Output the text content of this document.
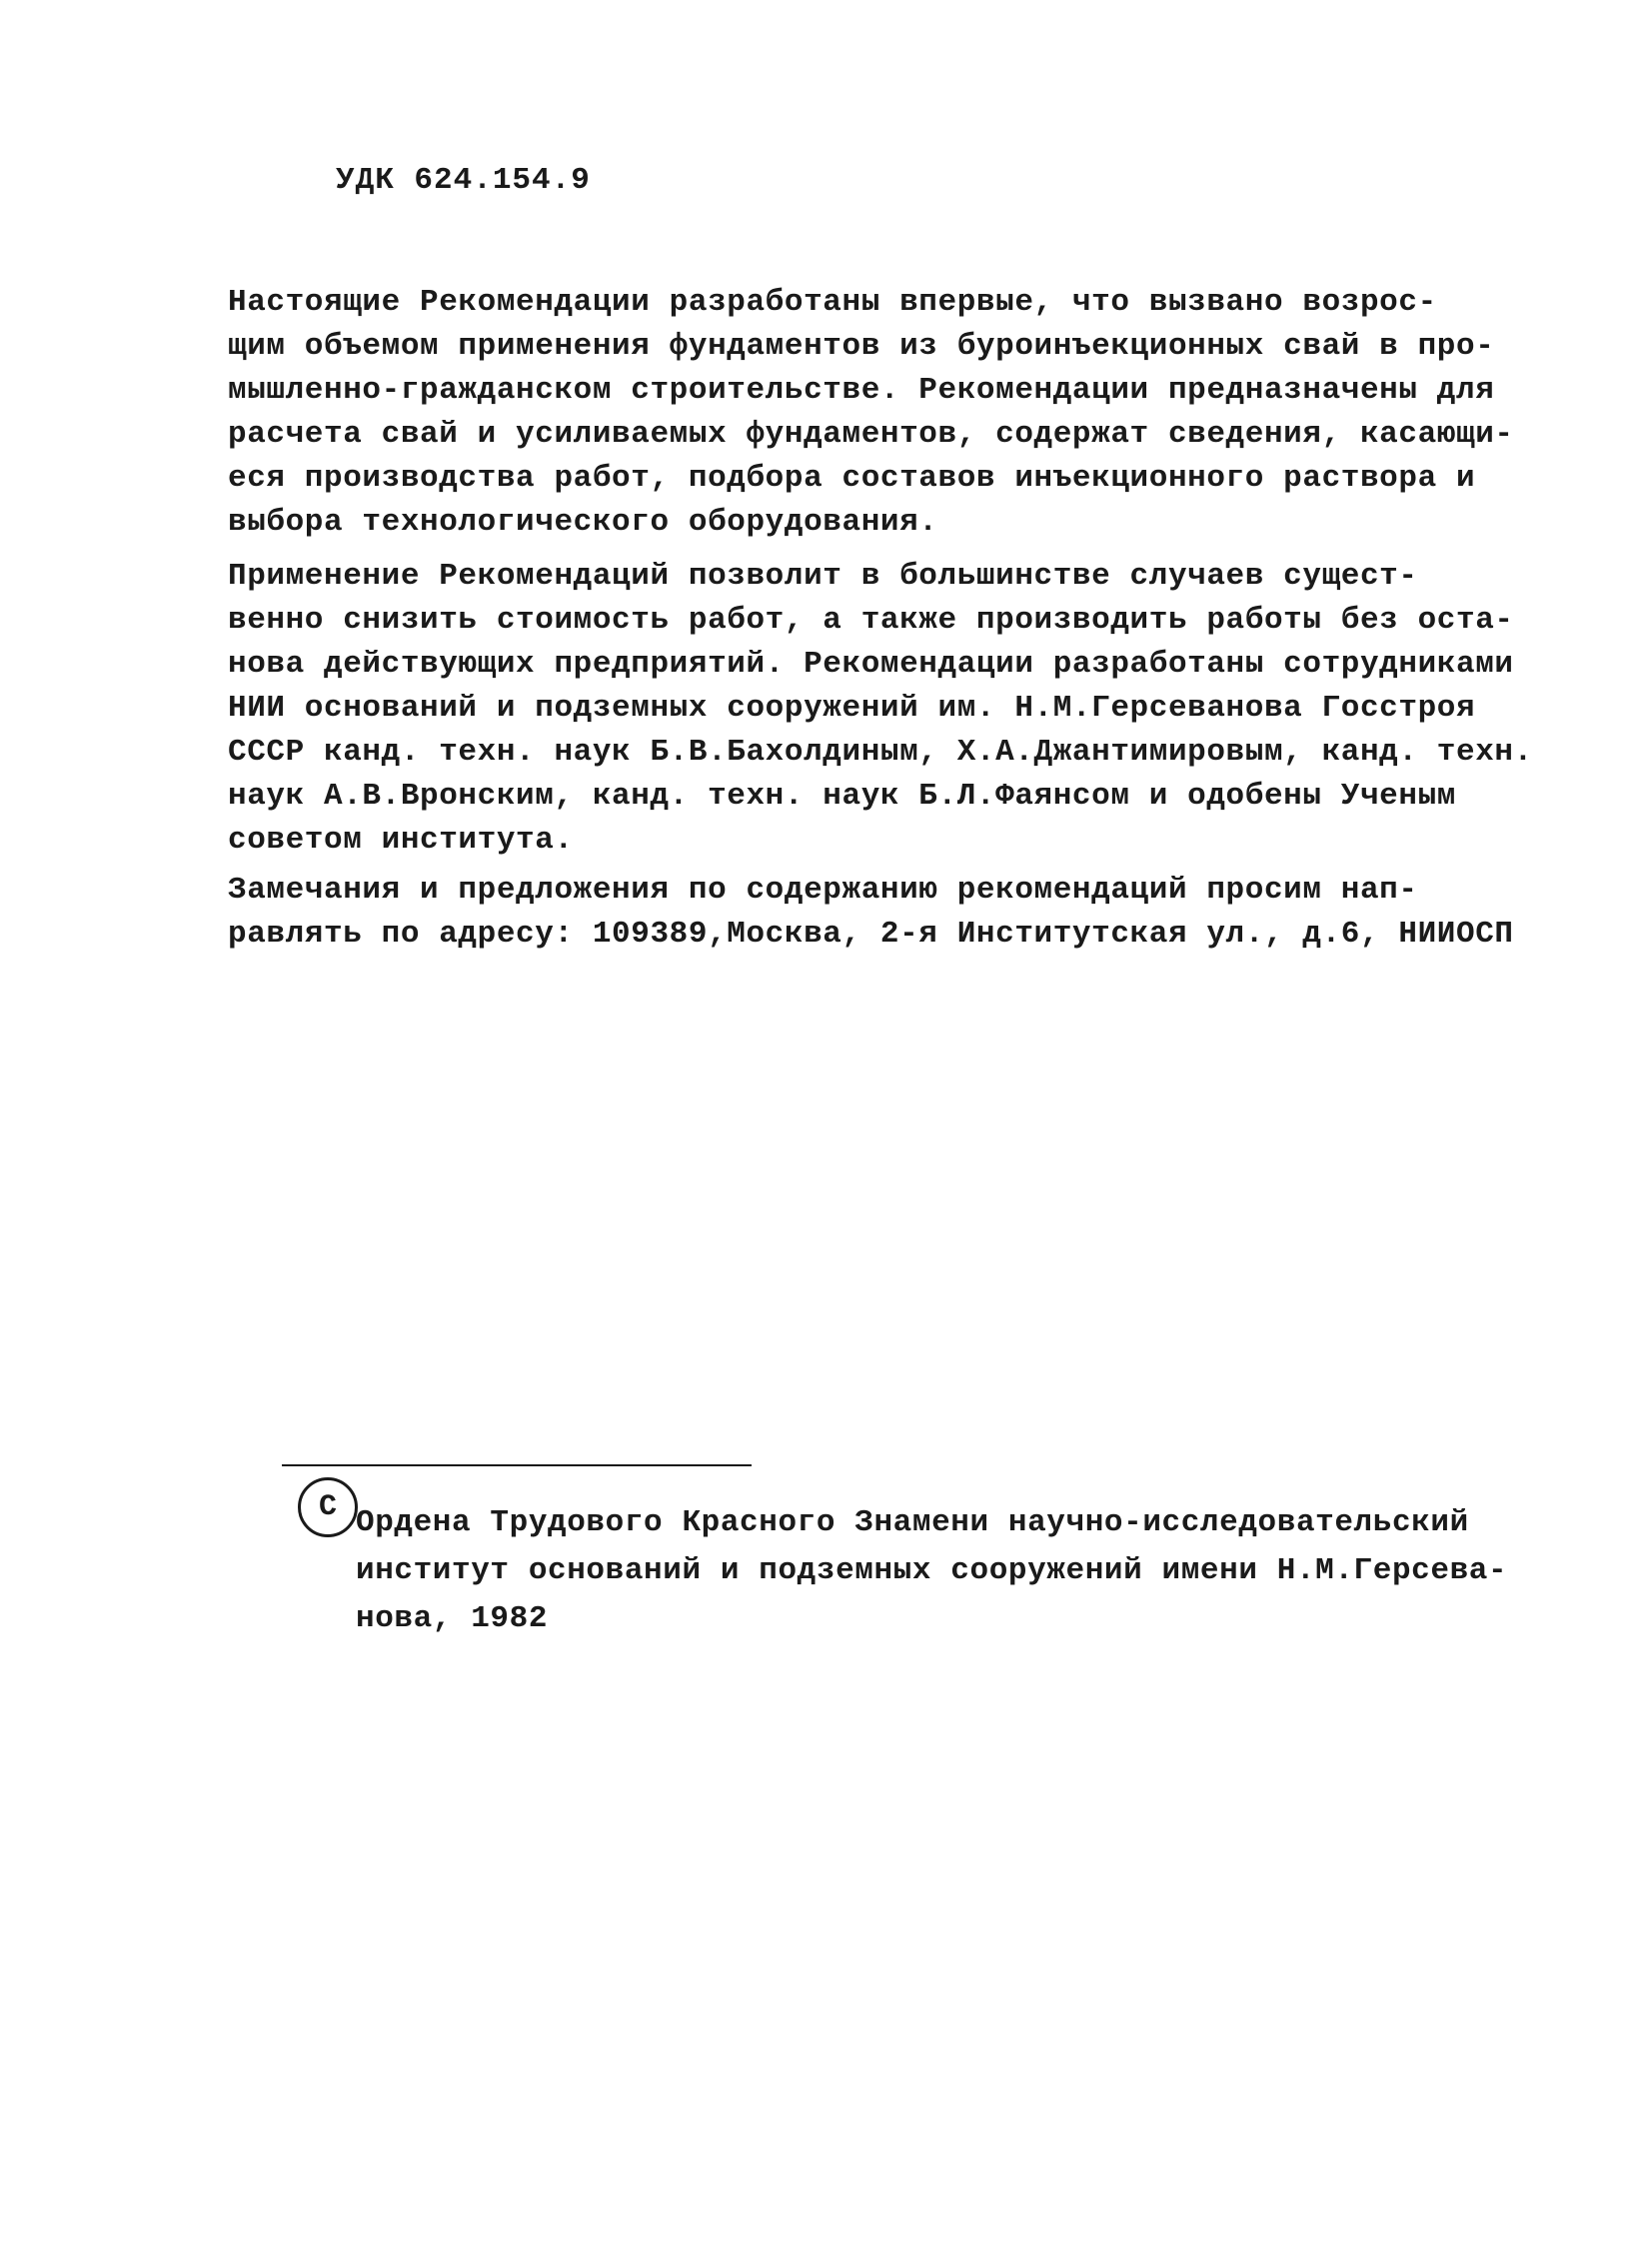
УДК 624.154.9
Настоящие Рекомендации разработаны впервые, что вызвано возрос-
щим объемом применения фундаментов из буроинъекционных свай в про-
мышленно-гражданском строительстве. Рекомендации предназначены для
расчета свай и усиливаемых фундаментов, содержат сведения, касающи-
еся производства работ, подбора составов инъекционного раствора и
выбора технологического оборудования.
Применение Рекомендаций позволит в большинстве случаев сущест-
венно снизить стоимость работ, а также производить работы без оста-
нова действующих предприятий. Рекомендации разработаны сотрудниками
НИИ оснований и подземных сооружений им. Н.М.Герсеванова Госстроя
СССР канд. техн. наук Б.В.Бахолдиным, Х.А.Джантимировым, канд. техн.
наук А.В.Вронским, канд. техн. наук Б.Л.Фаянсом и одобены Ученым
советом института.
Замечания и предложения по содержанию рекомендаций просим нап-
равлять по адресу: 109389,Москва, 2-я Институтская ул., д.6, НИИОСП
C Ордена Трудового Красного Знамени научно-исследовательский
институт оснований и подземных сооружений имени Н.М.Герсева-
нова, 1982
